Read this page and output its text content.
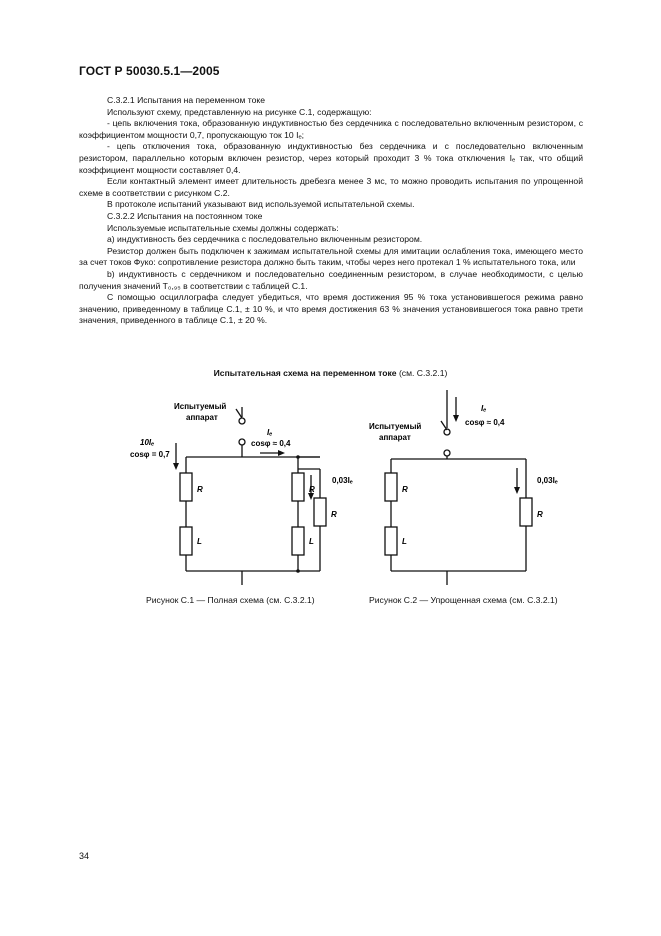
ГОСТ Р 50030.5.1—2005

С.3.2.1 Испытания на переменном токе

Используют схему, представленную на рисунке С.1, содержащую:

- цепь включения тока, образованную индуктивностью без сердечника с последовательно включенным резистором, с коэффициентом мощности 0,7, пропускающую ток 10 Iₑ;

- цепь отключения тока, образованную индуктивностью без сердечника и с последовательно включенным резистором, параллельно которым включен резистор, через который проходит 3 % тока отключения Iₑ так, что общий коэффициент мощности составляет 0,4.

Если контактный элемент имеет длительность дребезга менее 3 мс, то можно проводить испытания по упрощенной схеме в соответствии с рисунком С.2.

В протоколе испытаний указывают вид используемой испытательной схемы.

С.3.2.2 Испытания на постоянном токе

Используемые испытательные схемы должны содержать:

a) индуктивность без сердечника с последовательно включенным резистором.

Резистор должен быть подключен к зажимам испытательной схемы для имитации ослабления тока, имеющего место за счет токов Фуко: сопротивление резистора должно быть таким, чтобы через него протекал 1 % испытательного тока, или

b) индуктивность с сердечником и последовательно соединенным резистором, в случае необходимости, с целью получения значений T₀,₉₅ в соответствии с таблицей С.1.

С помощью осциллографа следует убедиться, что время достижения 95 % тока установившегося режима равно значению, приведенному в таблице С.1, ± 10 %, и что время достижения 63 % значения установившегося тока равно трети значения, приведенного в таблице С.1, ± 20 %.

Испытательная схема на переменном токе (см. С.3.2.1)
Испытуемый
аппарат
10Iₑ
cosφ = 0,7
Iₑ
cosφ ≈ 0,4
0,03Iₑ
R
L
R
L
R
Испытуемый
аппарат
Iₑ
cosφ ≈ 0,4
0,03Iₑ
R
L
R
Рисунок С.1 — Полная схема (см. С.3.2.1)	Рисунок С.2 — Упрощенная схема (см. С.3.2.1)
34
